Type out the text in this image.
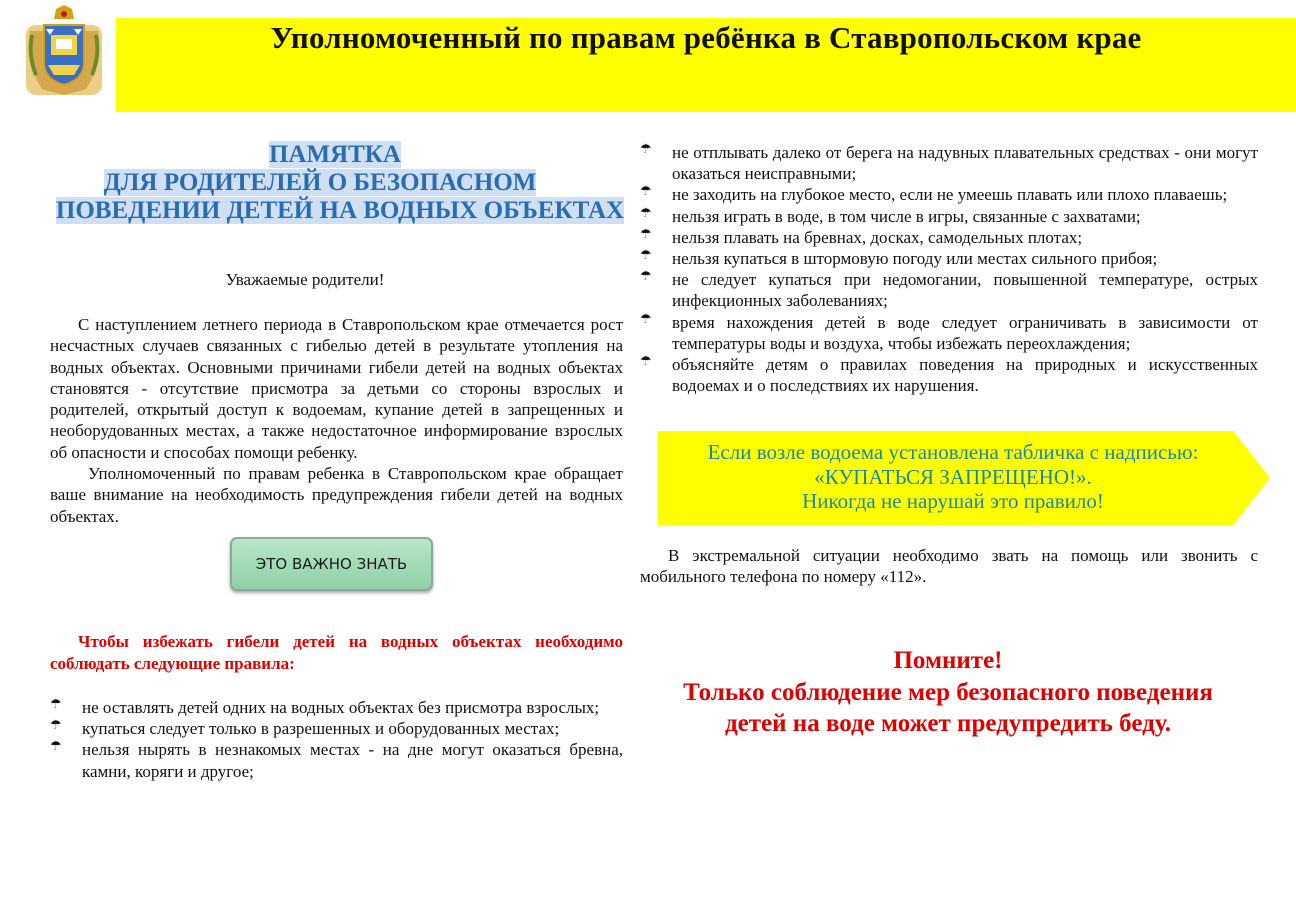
Уполномоченный по правам ребёнка в Ставропольском крае
ПАМЯТКА
ДЛЯ РОДИТЕЛЕЙ О БЕЗОПАСНОМ
ПОВЕДЕНИИ ДЕТЕЙ НА ВОДНЫХ ОБЪЕКТАХ
Уважаемые родители!

С наступлением летнего периода в Ставропольском крае отмечается рост несчастных случаев связанных с гибелью детей в результате утопления на водных объектах. Основными причинами гибели детей на водных объектах становятся - отсутствие присмотра за детьми со стороны взрослых и родителей, открытый доступ к водоемам, купание детей в запрещенных и необорудованных местах, а также недостаточное информирование взрослых об опасности и способах помощи ребенку.

Уполномоченный по правам ребенка в Ставропольском крае обращает ваше внимание на необходимость предупреждения гибели детей на водных объектах.

ЭТО ВАЖНО ЗНАТЬ

Чтобы избежать гибели детей на водных объектах необходимо соблюдать следующие правила:

☂ не оставлять детей одних на водных объектах без присмотра взрослых;
☂ купаться следует только в разрешенных и оборудованных местах;
☂ нельзя нырять в незнакомых местах - на дне могут оказаться бревна, камни, коряги и другое;
☂ не отплывать далеко от берега на надувных плавательных средствах - они могут оказаться неисправными;
☂ не заходить на глубокое место, если не умеешь плавать или плохо плаваешь;
☂ нельзя играть в воде, в том числе в игры, связанные с захватами;
☂ нельзя плавать на бревнах, досках, самодельных плотах;
☂ нельзя купаться в штормовую погоду или местах сильного прибоя;
☂ не следует купаться при недомогании, повышенной температуре, острых инфекционных заболеваниях;
☂ время нахождения детей в воде следует ограничивать в зависимости от температуры воды и воздуха, чтобы избежать переохлаждения;
☂ объясняйте детям о правилах поведения на природных и искусственных водоемах и о последствиях их нарушения.
Если возле водоема установлена табличка с надписью:
«КУПАТЬСЯ ЗАПРЕЩЕНО!».
Никогда не нарушай это правило!

В экстремальной ситуации необходимо звать на помощь или звонить с мобильного телефона по номеру «112».

Помните!
Только соблюдение мер безопасного поведения
детей на воде может предупредить беду.
